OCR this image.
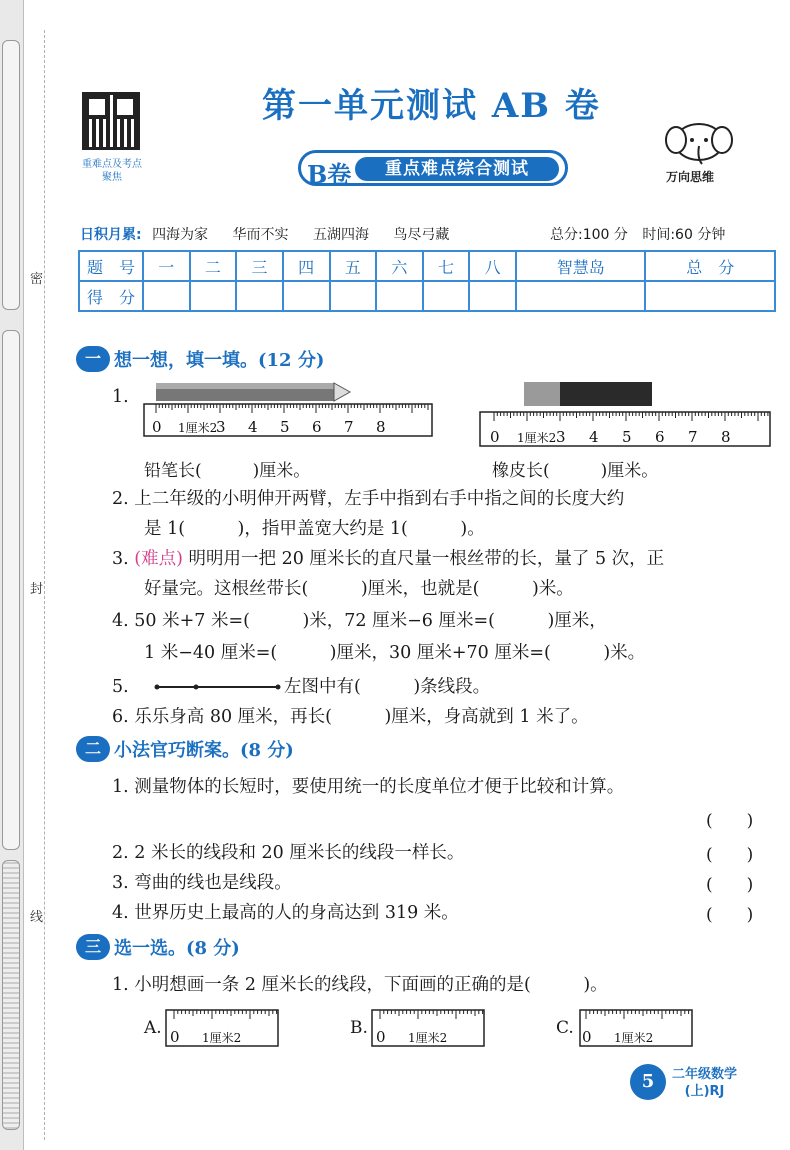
密
封
线
重难点及考点
聚焦
第一单元测试 AB 卷
B卷	重点难点综合测试	万向思维
日积月累: 四海为家 华而不实 五湖四海 鸟尽弓藏	总分:100 分 时间:60 分钟
题　号	一	二	三	四	五	六	七	八	智慧岛	总　分
得　分										
一 想一想，填一填。(12 分)
1.
0 1厘米2
3 4 5 6 7 8
0 1厘米2 3 4 5 6 7 8
铅笔长(　　　)厘米。	橡皮长(　　　)厘米。
2. 上二年级的小明伸开两臂，左手中指到右手中指之间的长度大约
是 1(　　　)，指甲盖宽大约是 1(　　　)。
3. (难点) 明明用一把 20 厘米长的直尺量一根丝带的长，量了 5 次，正
好量完。这根丝带长(　　　)厘米，也就是(　　　)米。
4. 50 米+7 米=(　　　)米，72 厘米−6 厘米=(　　　)厘米，
1 米−40 厘米=(　　　)厘米，30 厘米+70 厘米=(　　　)米。
5.	左图中有(　　　)条线段。
6. 乐乐身高 80 厘米，再长(　　　)厘米，身高就到 1 米了。
二 小法官巧断案。(8 分)
1. 测量物体的长短时，要使用统一的长度单位才便于比较和计算。
(　　)
2. 2 米长的线段和 20 厘米长的线段一样长。	(　　)
3. 弯曲的线也是线段。	(　　)
4. 世界历史上最高的人的身高达到 319 米。	(　　)
三 选一选。(8 分)
1. 小明想画一条 2 厘米长的线段，下面画的正确的是(　　　)。
A. 0 1厘米2	B. 0 1厘米2	C. 0 1厘米2
5	二年级数学
(上)RJ
